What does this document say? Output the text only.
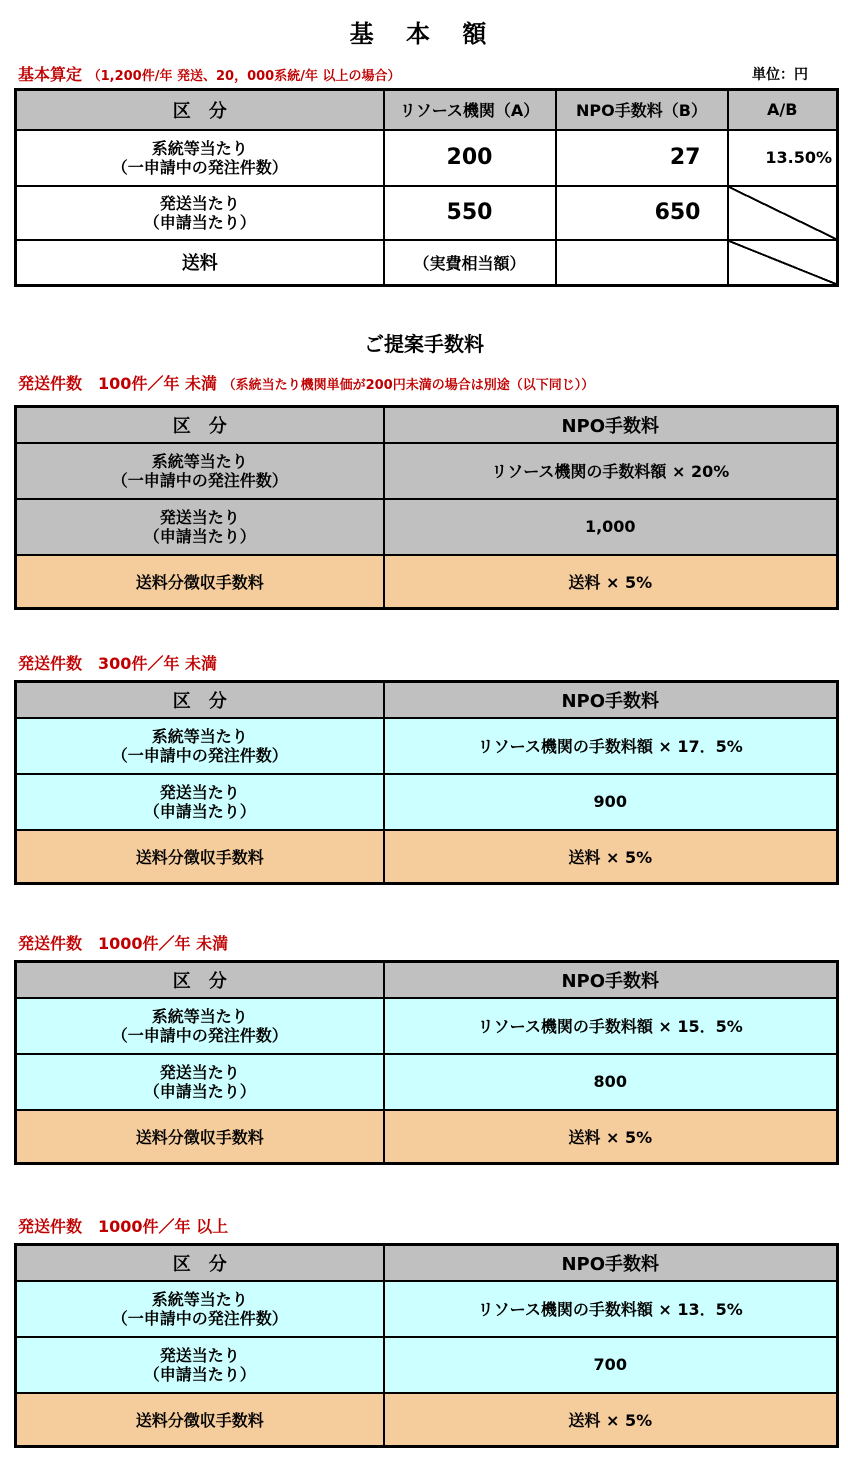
基 本 額
基本算定 （1,200件/年 発送、20，000系統/年 以上の場合）	単位：円
区　分	リソース機関（A）	NPO手数料（B）	A/B

系統等当たり
（一申請中の発注件数）	200	27	13.50%

発送当たり
（申請当たり）	550	650	
送料	（実費相当額）		
ご提案手数料
発送件数　100件／年 未満 （系統当たり機関単価が200円未満の場合は別途（以下同じ））
区　分	NPO手数料

系統等当たり
（一申請中の発注件数）	リソース機関の手数料額 × 20%

発送当たり
（申請当たり）	1,000
送料分徴収手数料	送料 × 5%
発送件数　300件／年 未満
区　分	NPO手数料

系統等当たり
（一申請中の発注件数）	リソース機関の手数料額 × 17．5%

発送当たり
（申請当たり）	900
送料分徴収手数料	送料 × 5%
発送件数　1000件／年 未満
区　分	NPO手数料

系統等当たり
（一申請中の発注件数）	リソース機関の手数料額 × 15．5%

発送当たり
（申請当たり）	800
送料分徴収手数料	送料 × 5%
発送件数　1000件／年 以上
区　分	NPO手数料

系統等当たり
（一申請中の発注件数）	リソース機関の手数料額 × 13．5%

発送当たり
（申請当たり）	700
送料分徴収手数料	送料 × 5%
